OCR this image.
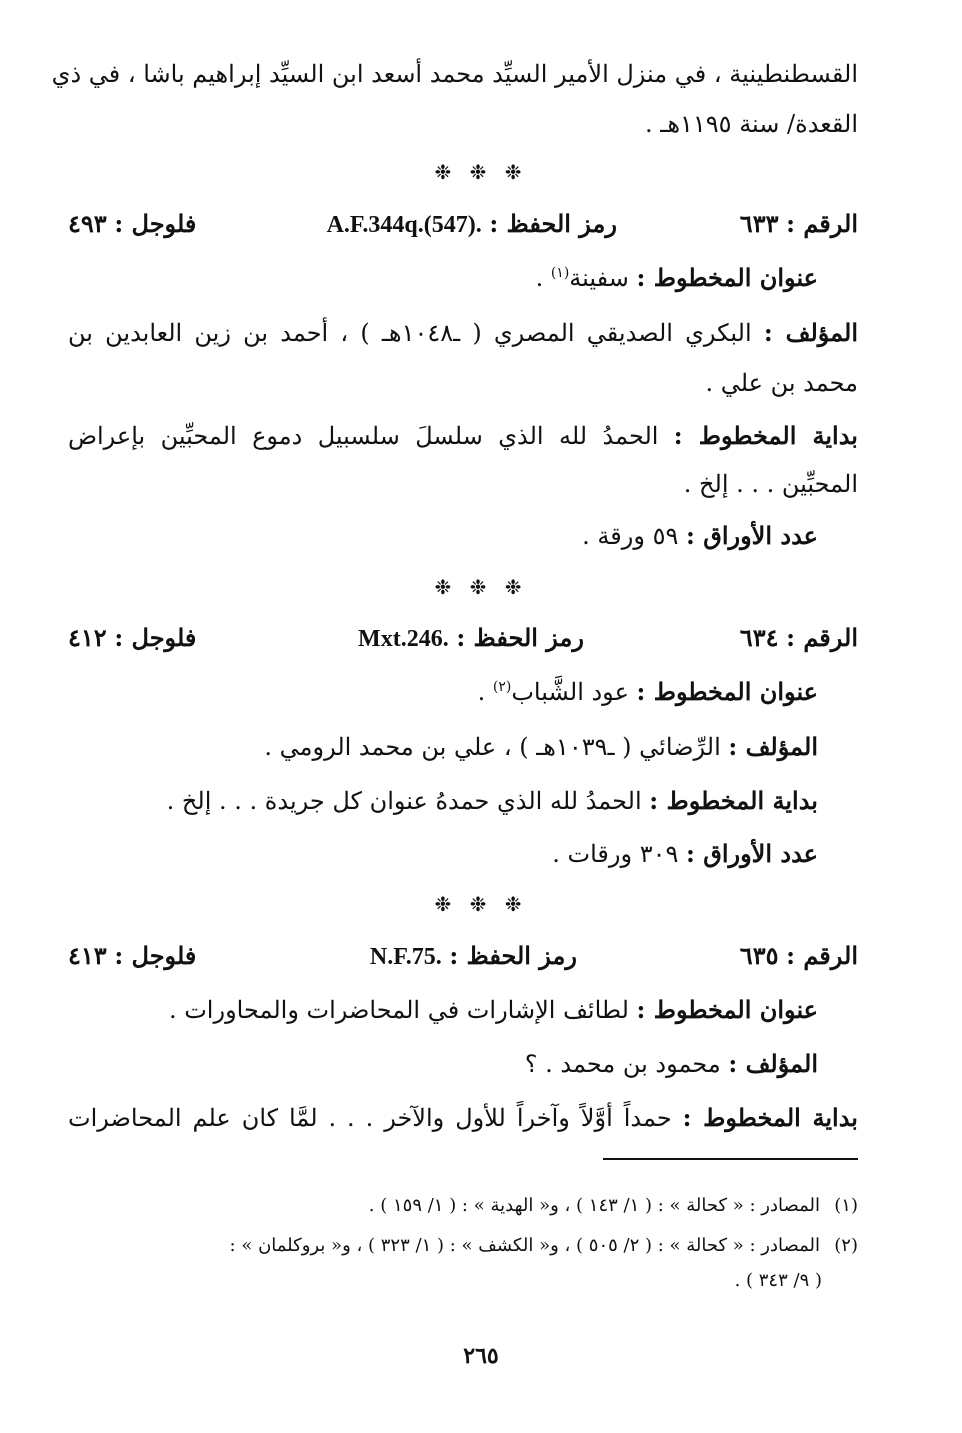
القسطنطينية ، في منزل الأمير السيِّد محمد أسعد ابن السيِّد إبراهيم باشا ، في ذي
القعدة/ سنة ١١٩٥هـ .
❉ ❉ ❉
الرقم : ٦٣٣
A.F.344q.(547). رمز الحفظ :
فلوجل : ٤٩٣
عنوان المخطوط : سفينة$^{(١)}$ .
المؤلف : البكري الصديقي المصري ( ـ١٠٤٨هـ ) ، أحمد بن زين العابدين بن
محمد بن علي .
بداية المخطوط : الحمدُ لله الذي سلسلَ سلسبيل دموع المحبِّين بإعراض
المحبِّين . . . إلخ .
عدد الأوراق : ٥٩ ورقة .
❉ ❉ ❉
الرقم : ٦٣٤
Mxt.246. رمز الحفظ :
فلوجل : ٤١٢
عنوان المخطوط : عود الشَّباب$^{(٢)}$ .
المؤلف : الرِّضائي ( ـ١٠٣٩هـ ) ، علي بن محمد الرومي .
بداية المخطوط : الحمدُ لله الذي حمدهُ عنوان كل جريدة . . . إلخ .
عدد الأوراق : ٣٠٩ ورقات .
❉ ❉ ❉
الرقم : ٦٣٥
N.F.75. رمز الحفظ :
فلوجل : ٤١٣
عنوان المخطوط : لطائف الإشارات في المحاضرات والمحاورات .
المؤلف : محمود بن محمد . ؟
بداية المخطوط : حمداً أوَّلاً وآخراً للأول والآخر . . . لمَّا كان علم المحاضرات
(١)المصادر : « كحالة » : ( ١/ ١٤٣ ) ، و« الهدية » : ( ١/ ١٥٩ ) .
(٢)المصادر : « كحالة » : ( ٢/ ٥٠٥ ) ، و« الكشف » : ( ١/ ٣٢٣ ) ، و« بروكلمان » :
( ٩/ ٣٤٣ ) .
٢٦٥
